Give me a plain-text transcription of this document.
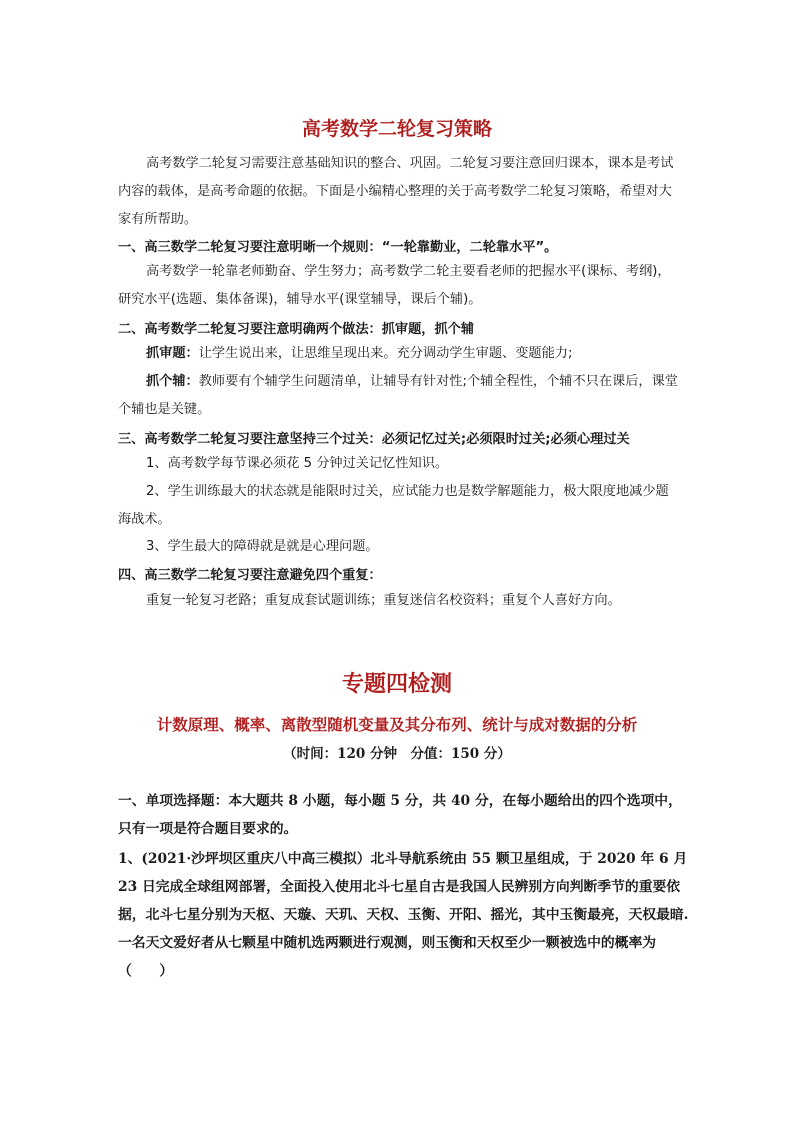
高考数学二轮复习策略
高考数学二轮复习需要注意基础知识的整合、巩固。二轮复习要注意回归课本，课本是考试内容的载体，是高考命题的依据。下面是小编精心整理的关于高考数学二轮复习策略，希望对大家有所帮助。
一、高三数学二轮复习要注意明晰一个规则：“一轮靠勤业，二轮靠水平”。
高考数学一轮靠老师勤奋、学生努力；高考数学二轮主要看老师的把握水平(课标、考纲)，研究水平(选题、集体备课)，辅导水平(课堂辅导，课后个辅)。
二、高考数学二轮复习要注意明确两个做法：抓审题，抓个辅
抓审题：让学生说出来，让思维呈现出来。充分调动学生审题、变题能力;
抓个辅：教师要有个辅学生问题清单，让辅导有针对性;个辅全程性，个辅不只在课后，课堂个辅也是关键。
三、高考数学二轮复习要注意坚持三个过关：必须记忆过关;必须限时过关;必须心理过关
1、高考数学每节课必须花 5 分钟过关记忆性知识。
2、学生训练最大的状态就是能限时过关，应试能力也是数学解题能力，极大限度地减少题海战术。
3、学生最大的障碍就是就是心理问题。
四、高三数学二轮复习要注意避免四个重复：
重复一轮复习老路；重复成套试题训练；重复迷信名校资料；重复个人喜好方向。
专题四检测
计数原理、概率、离散型随机变量及其分布列、统计与成对数据的分析
（时间：120 分钟　分值：150 分）
一、单项选择题：本大题共 8 小题，每小题 5 分，共 40 分，在每小题给出的四个选项中，只有一项是符合题目要求的。
1、(2021·沙坪坝区重庆八中高三模拟）北斗导航系统由 55 颗卫星组成，于 2020 年 6 月 23 日完成全球组网部署，全面投入使用北斗七星自古是我国人民辨别方向判断季节的重要依据，北斗七星分别为天枢、天璇、天玑、天权、玉衡、开阳、摇光，其中玉衡最亮，天权最暗.一名天文爱好者从七颗星中随机选两颗进行观测，则玉衡和天权至少一颗被选中的概率为（　　）
